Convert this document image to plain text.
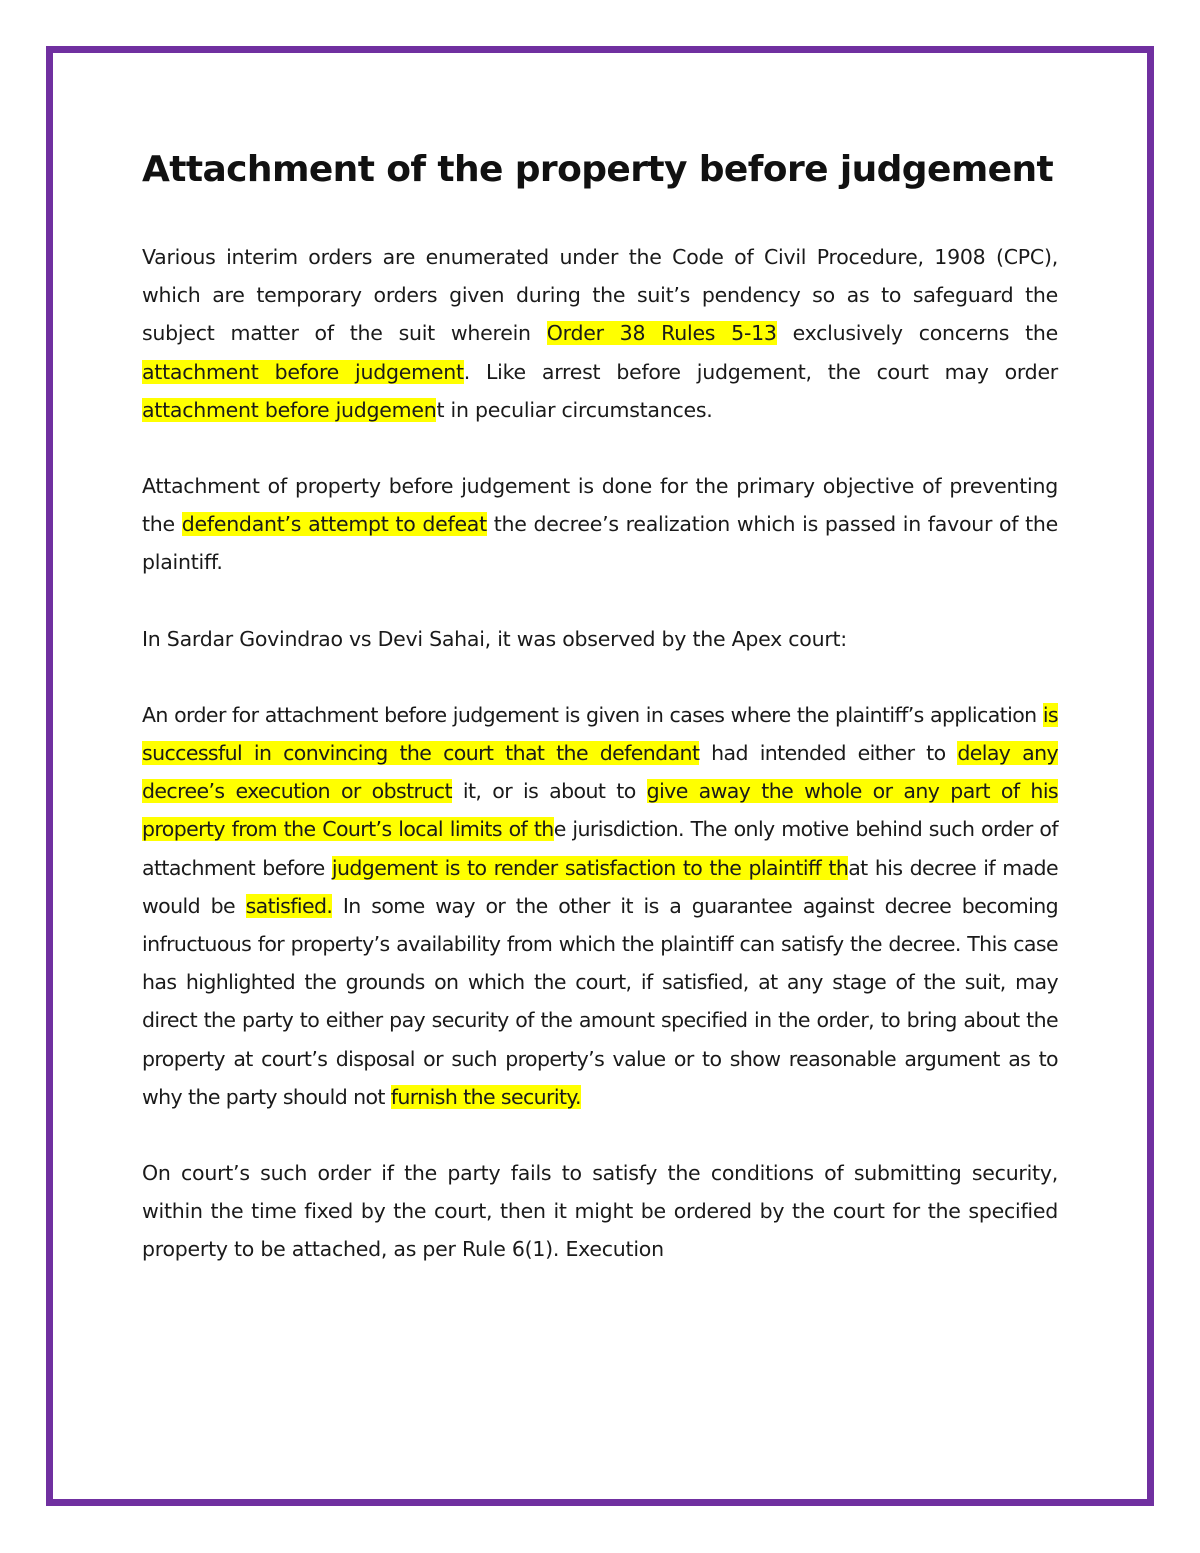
Attachment of the property before judgement

Various interim orders are enumerated under the Code of Civil Procedure, 1908 (CPC), which are temporary orders given during the suit’s pendency so as to safeguard the subject matter of the suit wherein Order 38 Rules 5-13 exclusively concerns the attachment before judgement. Like arrest before judgement, the court may order attachment before judgement in peculiar circumstances.

Attachment of property before judgement is done for the primary objective of preventing the defendant’s attempt to defeat the decree’s realization which is passed in favour of the plaintiff.

In Sardar Govindrao vs Devi Sahai, it was observed by the Apex court:

An order for attachment before judgement is given in cases where the plaintiff’s application is successful in convincing the court that the defendant had intended either to delay any decree’s execution or obstruct it, or is about to give away the whole or any part of his property from the Court’s local limits of the jurisdiction. The only motive behind such order of attachment before judgement is to render satisfaction to the plaintiff that his decree if made would be satisfied. In some way or the other it is a guarantee against decree becoming infructuous for property’s availability from which the plaintiff can satisfy the decree. This case has highlighted the grounds on which the court, if satisfied, at any stage of the suit, may direct the party to either pay security of the amount specified in the order, to bring about the property at court’s disposal or such property’s value or to show reasonable argument as to why the party should not furnish the security.

On court’s such order if the party fails to satisfy the conditions of submitting security, within the time fixed by the court, then it might be ordered by the court for the specified property to be attached, as per Rule 6(1). Execution
